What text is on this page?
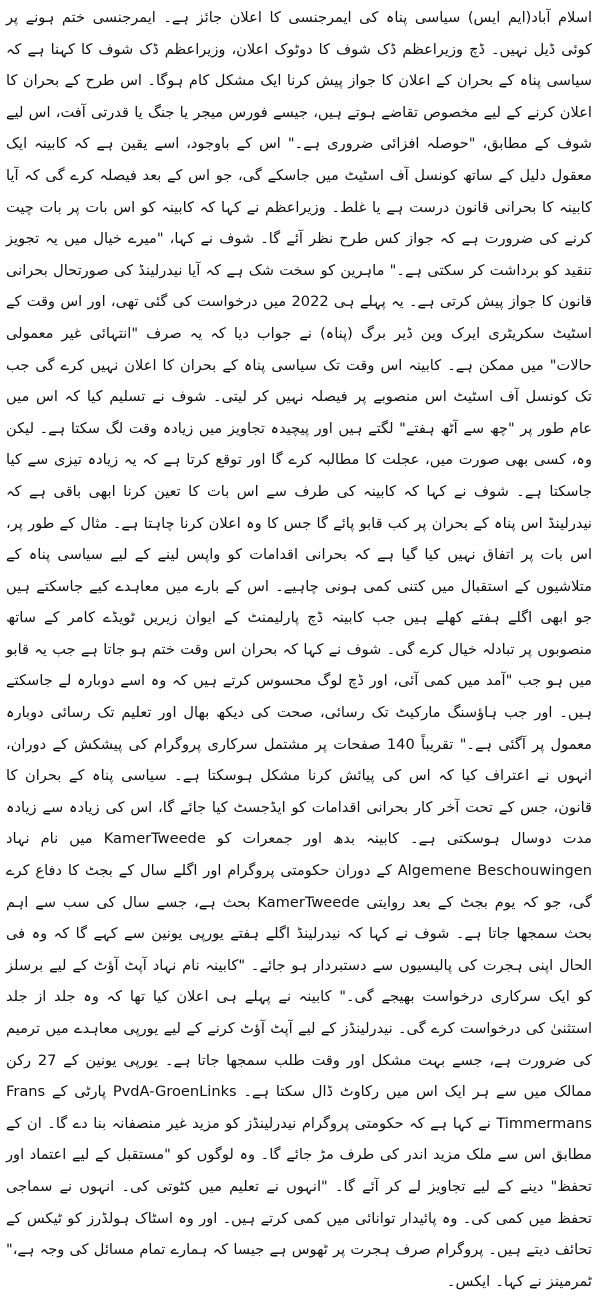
اسلام آباد(ایم ایس) سیاسی پناہ کی ایمرجنسی کا اعلان جائز ہے۔ ایمرجنسی ختم ہونے پر کوئی ڈیل نہیں۔ ڈچ وزیراعظم ڈک شوف کا دوٹوک اعلان، وزیراعظم ڈک شوف کا کہنا ہے کہ سیاسی پناہ کے بحران کے اعلان کا جواز پیش کرنا ایک مشکل کام ہوگا۔ اس طرح کے بحران کا اعلان کرنے کے لیے مخصوص تقاضے ہوتے ہیں، جیسے فورس میجر یا جنگ یا قدرتی آفت، اس لیے شوف کے مطابق، "حوصلہ افزائی ضروری ہے۔" اس کے باوجود، اسے یقین ہے کہ کابینہ ایک معقول دلیل کے ساتھ کونسل آف اسٹیٹ میں جاسکے گی، جو اس کے بعد فیصلہ کرے گی کہ آیا کابینہ کا بحرانی قانون درست ہے یا غلط۔ وزیراعظم نے کہا کہ کابینہ کو اس بات پر بات چیت کرنے کی ضرورت ہے کہ جواز کس طرح نظر آئے گا۔ شوف نے کہا، "میرے خیال میں یہ تجویز تنقید کو برداشت کر سکتی ہے۔" ماہرین کو سخت شک ہے کہ آیا نیدرلینڈ کی صورتحال بحرانی قانون کا جواز پیش کرتی ہے۔ یہ پہلے ہی 2022 میں درخواست کی گئی تھی، اور اس وقت کے اسٹیٹ سکریٹری ایرک وین ڈیر برگ (پناہ) نے جواب دیا کہ یہ صرف "انتہائی غیر معمولی حالات" میں ممکن ہے۔ کابینہ اس وقت تک سیاسی پناہ کے بحران کا اعلان نہیں کرے گی جب تک کونسل آف اسٹیٹ اس منصوبے پر فیصلہ نہیں کر لیتی۔ شوف نے تسلیم کیا کہ اس میں عام طور پر "چھ سے آٹھ ہفتے" لگتے ہیں اور پیچیدہ تجاویز میں زیادہ وقت لگ سکتا ہے۔ لیکن وہ، کسی بھی صورت میں، عجلت کا مطالبہ کرے گا اور توقع کرتا ہے کہ یہ زیادہ تیزی سے کیا جاسکتا ہے۔ شوف نے کہا کہ کابینہ کی طرف سے اس بات کا تعین کرنا ابھی باقی ہے کہ نیدرلینڈ اس پناہ کے بحران پر کب قابو پائے گا جس کا وہ اعلان کرنا چاہتا ہے۔ مثال کے طور پر، اس بات پر اتفاق نہیں کیا گیا ہے کہ بحرانی اقدامات کو واپس لینے کے لیے سیاسی پناہ کے متلاشیوں کے استقبال میں کتنی کمی ہونی چاہیے۔ اس کے بارے میں معاہدے کیے جاسکتے ہیں جو ابھی اگلے ہفتے کھلے ہیں جب کابینہ ڈچ پارلیمنٹ کے ایوان زیریں ٹویڈے کامر کے ساتھ منصوبوں پر تبادلہ خیال کرے گی۔ شوف نے کہا کہ بحران اس وقت ختم ہو جاتا ہے جب یہ قابو میں ہو جب "آمد میں کمی آئی، اور ڈچ لوگ محسوس کرتے ہیں کہ وہ اسے دوبارہ لے جاسکتے ہیں۔ اور جب ہاؤسنگ مارکیٹ تک رسائی، صحت کی دیکھ بھال اور تعلیم تک رسائی دوبارہ معمول پر آگئی ہے۔" تقریباً 140 صفحات پر مشتمل سرکاری پروگرام کی پیشکش کے دوران، انہوں نے اعتراف کیا کہ اس کی پیائش کرنا مشکل ہوسکتا ہے۔ سیاسی پناہ کے بحران کا قانون، جس کے تحت آخر کار بحرانی اقدامات کو ایڈجسٹ کیا جائے گا، اس کی زیادہ سے زیادہ مدت دوسال ہوسکتی ہے۔ کابینہ بدھ اور جمعرات کو KamerTweede میں نام نہاد Algemene Beschouwingen کے دوران حکومتی پروگرام اور اگلے سال کے بجٹ کا دفاع کرے گی، جو کہ یوم بجٹ کے بعد روایتی KamerTweede بحث ہے، جسے سال کی سب سے اہم بحث سمجھا جاتا ہے۔ شوف نے کہا کہ نیدرلینڈ اگلے ہفتے یورپی یونین سے کہے گا کہ وہ فی الحال اپنی ہجرت کی پالیسیوں سے دستبردار ہو جائے۔ "کابینہ نام نہاد آپٹ آؤٹ کے لیے برسلز کو ایک سرکاری درخواست بھیجے گی۔" کابینہ نے پہلے ہی اعلان کیا تھا کہ وہ جلد از جلد استثنیٰ کی درخواست کرے گی۔ نیدرلینڈز کے لیے آپٹ آؤٹ کرنے کے لیے یورپی معاہدے میں ترمیم کی ضرورت ہے، جسے بہت مشکل اور وقت طلب سمجھا جاتا ہے۔ یورپی یونین کے 27 رکن ممالک میں سے ہر ایک اس میں رکاوٹ ڈال سکتا ہے۔ PvdA-GroenLinks پارٹی کے Frans Timmermans نے کہا ہے کہ حکومتی پروگرام نیدرلینڈز کو مزید غیر منصفانہ بنا دے گا۔ ان کے مطابق اس سے ملک مزید اندر کی طرف مڑ جائے گا۔ وہ لوگوں کو "مستقبل کے لیے اعتماد اور تحفظ" دینے کے لیے تجاویز لے کر آئے گا۔ "انہوں نے تعلیم میں کٹوتی کی۔ انہوں نے سماجی تحفظ میں کمی کی۔ وہ پائیدار توانائی میں کمی کرتے ہیں۔ اور وہ اسٹاک ہولڈرز کو ٹیکس کے تحائف دیتے ہیں۔ پروگرام صرف ہجرت پر ٹھوس ہے جیسا کہ ہمارے تمام مسائل کی وجہ ہے،" ٹمرمینز نے کہا۔ ایکس۔
